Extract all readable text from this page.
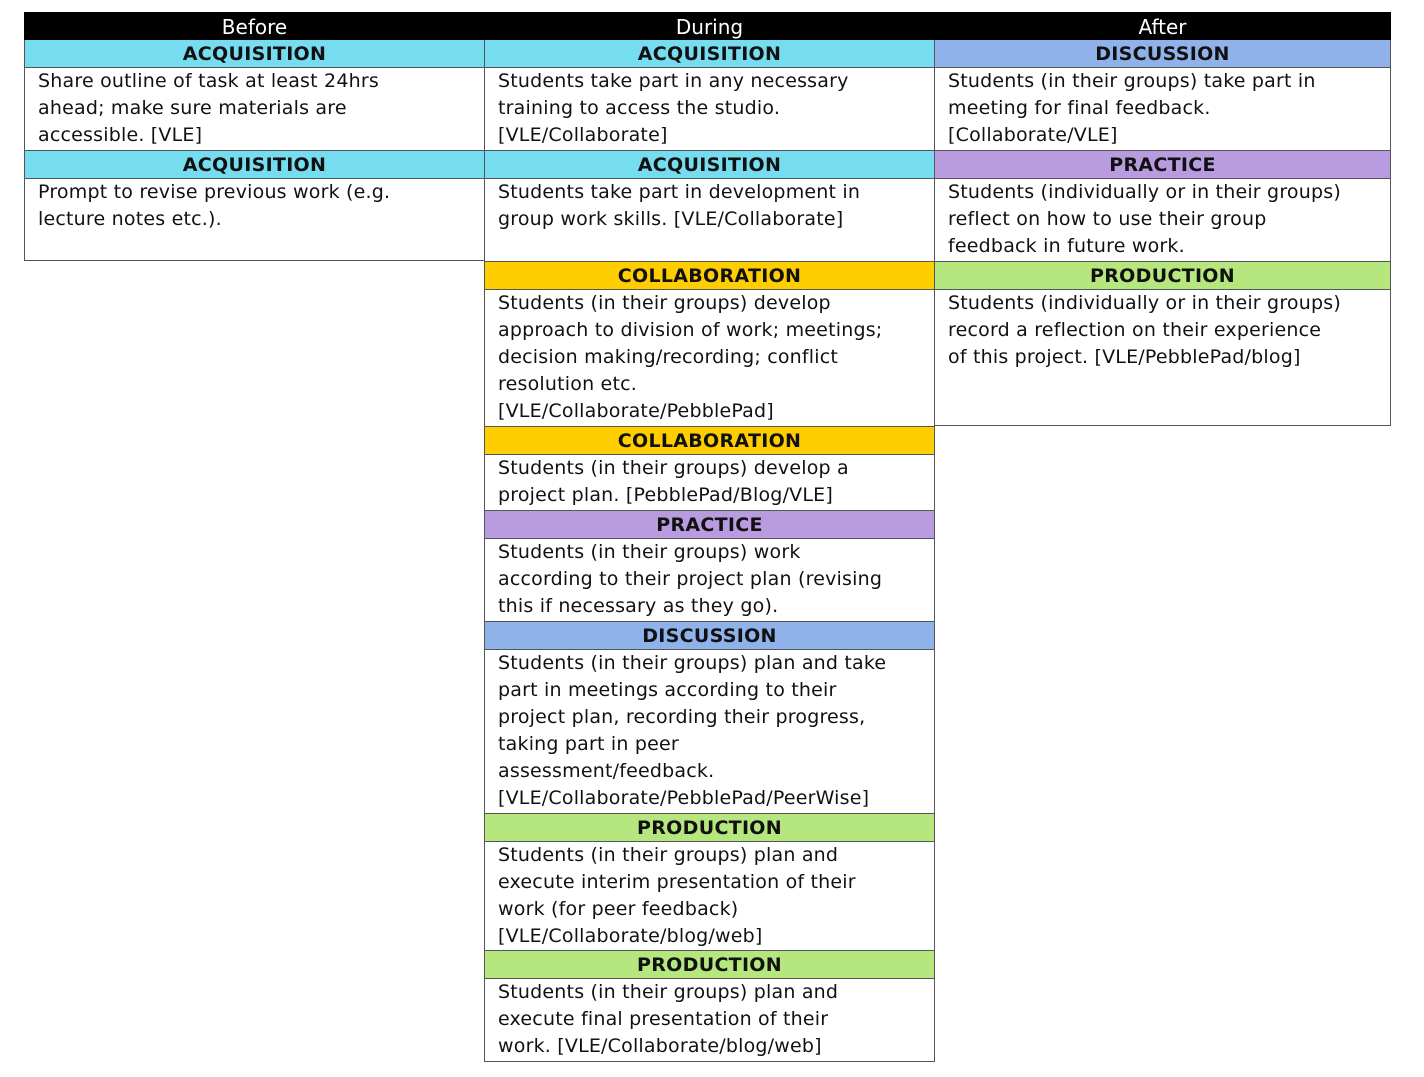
Before
ACQUISITION
Share outline of task at least 24hrs
ahead; make sure materials are
accessible. [VLE]
ACQUISITION
Prompt to revise previous work (e.g.
lecture notes etc.).
During
ACQUISITION
Students take part in any necessary
training to access the studio.
[VLE/Collaborate]
ACQUISITION
Students take part in development in
group work skills. [VLE/Collaborate]
COLLABORATION
Students (in their groups) develop
approach to division of work; meetings;
decision making/recording; conflict
resolution etc.
[VLE/Collaborate/PebblePad]
COLLABORATION
Students (in their groups) develop a
project plan. [PebblePad/Blog/VLE]
PRACTICE
Students (in their groups) work
according to their project plan (revising
this if necessary as they go).
DISCUSSION
Students (in their groups) plan and take
part in meetings according to their
project plan, recording their progress,
taking part in peer
assessment/feedback.
[VLE/Collaborate/PebblePad/PeerWise]
PRODUCTION
Students (in their groups) plan and
execute interim presentation of their
work (for peer feedback)
[VLE/Collaborate/blog/web]
PRODUCTION
Students (in their groups) plan and
execute final presentation of their
work. [VLE/Collaborate/blog/web]
After
DISCUSSION
Students (in their groups) take part in
meeting for final feedback.
[Collaborate/VLE]
PRACTICE
Students (individually or in their groups)
reflect on how to use their group
feedback in future work.
PRODUCTION
Students (individually or in their groups)
record a reflection on their experience
of this project. [VLE/PebblePad/blog]
